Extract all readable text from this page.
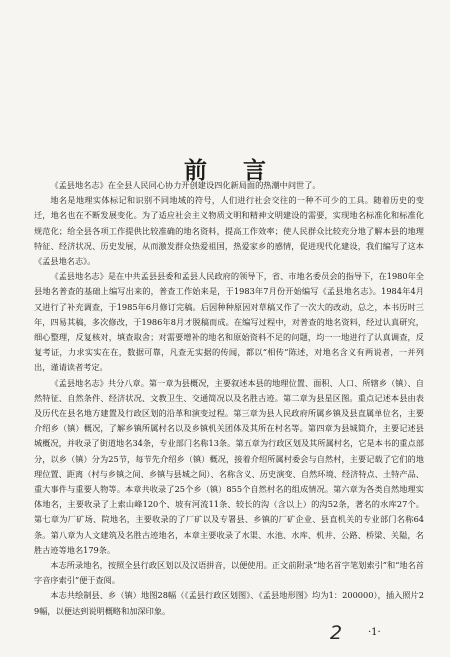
前 言

《孟县地名志》在全县人民同心协力开创建设四化新局面的热潮中问世了。

地名是地理实体标记和识别不同地域的符号，人们进行社会交往的一种不可少的工具。随着历史的变迁，地名也在不断发展变化。为了适应社会主义物质文明和精神文明建设的需要，实现地名标准化和标准化规范化；给全县各项工作提供比较准确的地名资料，提高工作效率；使人民群众比较充分地了解本县的地理特征、经济状况、历史发展，从而激发群众热爱祖国，热爱家乡的感情，促进现代化建设，我们编写了这本《孟县地名志》。

《孟县地名志》是在中共孟县县委和孟县人民政府的领导下，省、市地名委员会的指导下，在1980年全县地名普查的基础上编写出来的，普查工作始来是，于1983年7月份开始编写《孟县地名志》。1984年4月又进行了补充调查，于1985年6月修订完稿。后因种种原因对草稿又作了一次大的改动，总之，本书历时三年，四易其稿，多次修改，于1986年8月才脱稿而成。在编写过程中，对普查的地名资料，经过认真研究，细心整理，反复核对，填查取舍；对需要增补的地名和原始资料不足的问题，均一一地进行了认真调查，反复考证，力求实实在在，数据可靠，凡查无实据的传闻，都以“相传”陈述，对地名含义有两说者，一并列出，谨请读者考定。

《孟县地名志》共分八章。第一章为县概况，主要叙述本县的地理位置、面积、人口、所辖乡（镇）、自然特征、自然条件、经济状况、文教卫生、交通简况以及名胜古迹。第二章为县星区图。重点记述本县由表及历代在县名地方建置及行政区划的沿革和演变过程。第三章为县人民政府所属乡镇及县直属单位名，主要介绍乡（镇）概况，了解乡镇所属村名以及乡镇机关团体及其所在村名等。第四章为县城简介，主要记述县城概况，并收录了街道地名34条，专业部门名称13条。第五章为行政区划及其所属村名，它是本书的重点部分，以乡（镇）分为25节，每节先介绍乡（镇）概况，接着介绍所属村委会与自然村，主要记载了它们的地理位置、距离（村与乡镇之间、乡镇与县城之间）、名称含义、历史演变、自然环境、经济特点、土特产品、重大事件与重要人物等。本章共收录了25个乡（镇）855个自然村名的组成情况。第六章为各类自然地理实体地名，主要收录了上索山峰120个、坡有河流11条、较长的沟（含以上）的沟52条，著名的水库27个。第七章为厂矿场、院地名，主要收录的了厂矿以及专署县、乡镇的厂矿企业、县直机关的专业部门名称64条。第八章为人文建筑及名胜古迹地名，本章主要收录了水渠、水池、水库、机井、公路、桥梁、关隘，名胜古迹等地名179条。

本志所录地名，按照全县行政区划以及汉语拼音，以便使用。正文前附录“地名首字笔划索引”和“地名首字音序索引”便于查阅。

本志共绘制县、乡（镇）地图28幅（《孟县行政区划图》、《孟县地形图》均为1：200000），插入照片29幅，以便达到说明概略和加深印象。

2	·1·
